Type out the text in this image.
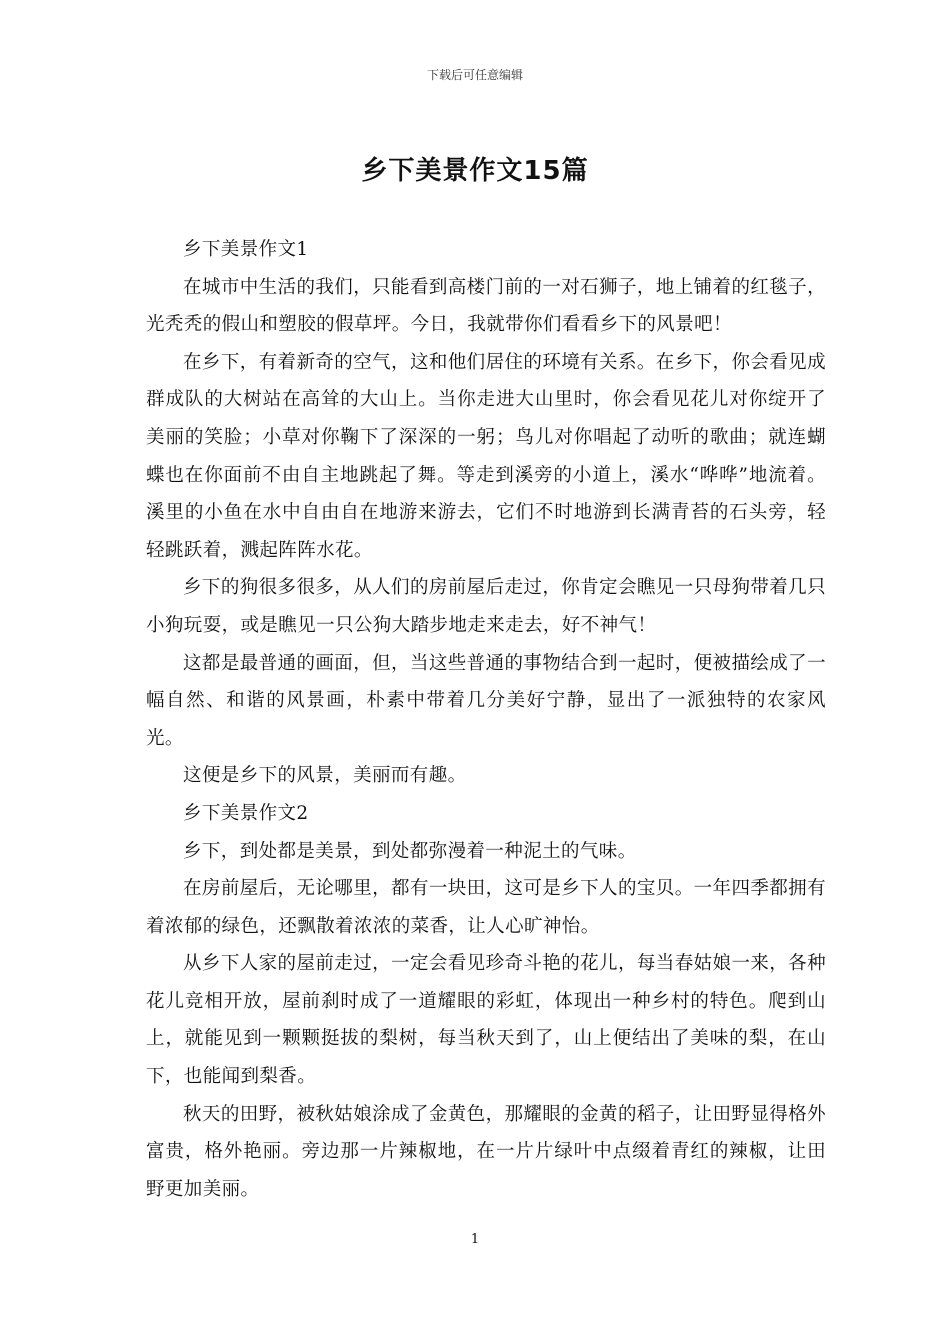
下载后可任意编辑
乡下美景作文15篇

乡下美景作文1

在城市中生活的我们，只能看到高楼门前的一对石狮子，地上铺着的红毯子，光秃秃的假山和塑胶的假草坪。今日，我就带你们看看乡下的风景吧！

在乡下，有着新奇的空气，这和他们居住的环境有关系。在乡下，你会看见成群成队的大树站在高耸的大山上。当你走进大山里时，你会看见花儿对你绽开了美丽的笑脸；小草对你鞠下了深深的一躬；鸟儿对你唱起了动听的歌曲；就连蝴蝶也在你面前不由自主地跳起了舞。等走到溪旁的小道上，溪水“哗哗”地流着。溪里的小鱼在水中自由自在地游来游去，它们不时地游到长满青苔的石头旁，轻轻跳跃着，溅起阵阵水花。

乡下的狗很多很多，从人们的房前屋后走过，你肯定会瞧见一只母狗带着几只小狗玩耍，或是瞧见一只公狗大踏步地走来走去，好不神气！

这都是最普通的画面，但，当这些普通的事物结合到一起时，便被描绘成了一幅自然、和谐的风景画，朴素中带着几分美好宁静，显出了一派独特的农家风光。

这便是乡下的风景，美丽而有趣。

乡下美景作文2

乡下，到处都是美景，到处都弥漫着一种泥土的气味。

在房前屋后，无论哪里，都有一块田，这可是乡下人的宝贝。一年四季都拥有着浓郁的绿色，还飘散着浓浓的菜香，让人心旷神怡。

从乡下人家的屋前走过，一定会看见珍奇斗艳的花儿，每当春姑娘一来，各种花儿竞相开放，屋前刹时成了一道耀眼的彩虹，体现出一种乡村的特色。爬到山上，就能见到一颗颗挺拔的梨树，每当秋天到了，山上便结出了美味的梨，在山下，也能闻到梨香。

秋天的田野，被秋姑娘涂成了金黄色，那耀眼的金黄的稻子，让田野显得格外富贵，格外艳丽。旁边那一片辣椒地，在一片片绿叶中点缀着青红的辣椒，让田野更加美丽。

1
